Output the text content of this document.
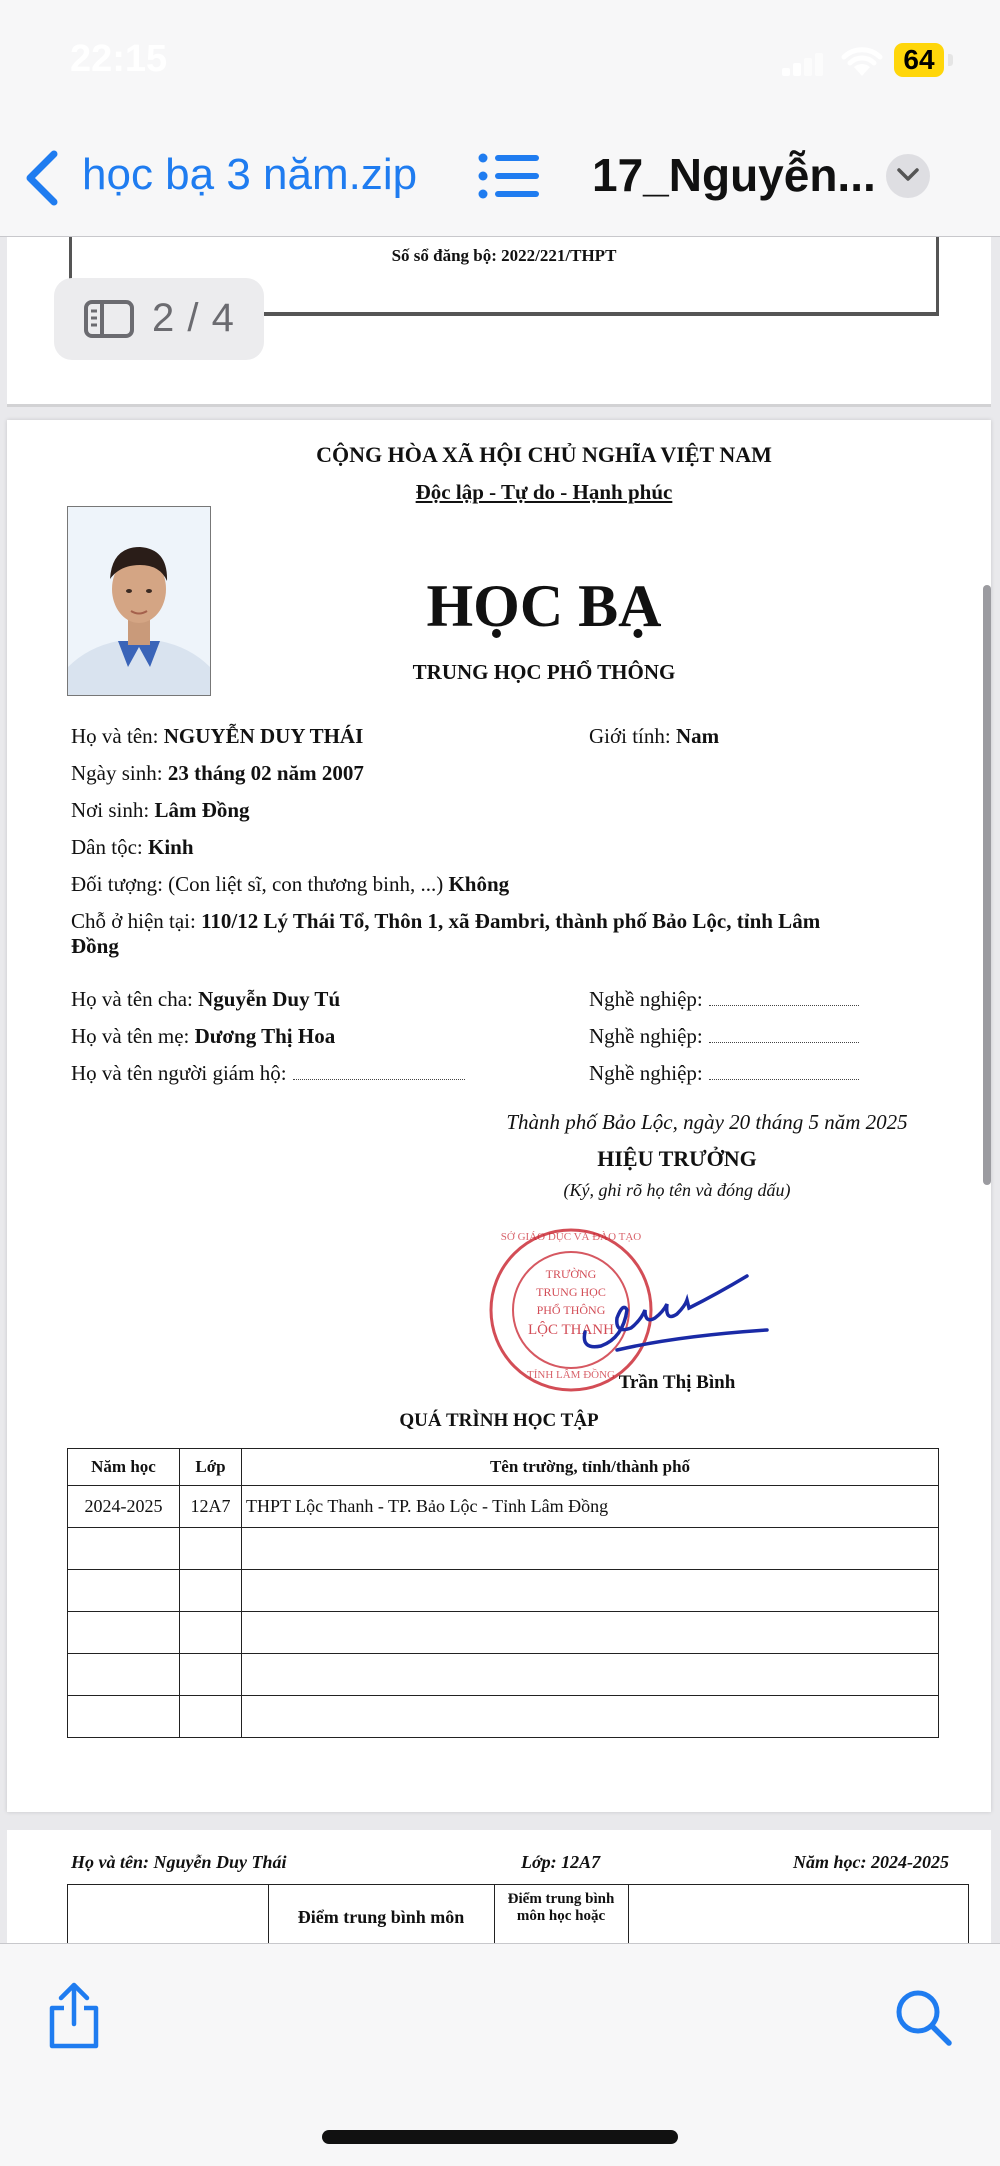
22:15	64
học bạ 3 năm.zip	17_Nguyễn...
2 / 4
Số sổ đăng bộ: 2022/221/THPT
CỘNG HÒA XÃ HỘI CHỦ NGHĨA VIỆT NAM
Độc lập - Tự do - Hạnh phúc
HỌC BẠ
TRUNG HỌC PHỔ THÔNG
Họ và tên: NGUYỄN DUY THÁI	Giới tính: Nam
Ngày sinh: 23 tháng 02 năm 2007
Nơi sinh: Lâm Đồng
Dân tộc: Kinh
Đối tượng: (Con liệt sĩ, con thương binh, ...) Không
Chỗ ở hiện tại: 110/12 Lý Thái Tổ, Thôn 1, xã Đambri, thành phố Bảo Lộc, tỉnh Lâm
Đồng
Họ và tên cha: Nguyễn Duy Tú	Nghề nghiệp:
Họ và tên mẹ: Dương Thị Hoa	Nghề nghiệp:
Họ và tên người giám hộ:	Nghề nghiệp:
Thành phố Bảo Lộc, ngày 20 tháng 5 năm 2025
HIỆU TRƯỞNG
(Ký, ghi rõ họ tên và đóng dấu)
TRƯỜNG
TRUNG HỌC
PHỔ THÔNG
LỘC THANH
SỞ GIÁO DỤC VÀ ĐÀO TẠO
TỈNH LÂM ĐỒNG Trần Thị Bình
QUÁ TRÌNH HỌC TẬP
Năm học	Lớp	Tên trường, tỉnh/thành phố
2024-2025	12A7	THPT Lộc Thanh - TP. Bảo Lộc - Tỉnh Lâm Đồng

Họ và tên: Nguyễn Duy Thái	Lớp: 12A7	Năm học: 2024-2025
Điểm trung bình môn
Điểm trung bình môn học hoặc
